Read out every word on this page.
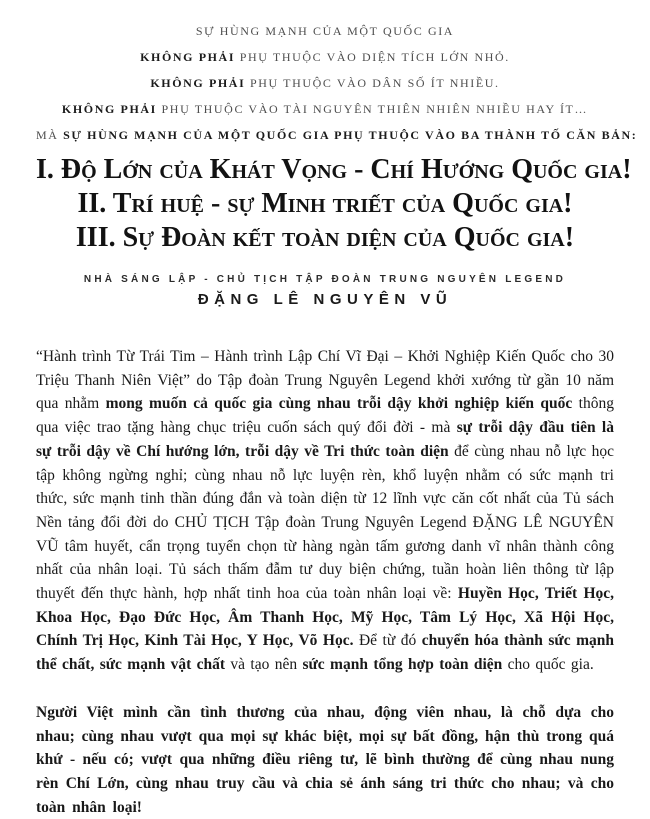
SỰ HÙNG MẠNH CỦA MỘT QUỐC GIA
KHÔNG PHẢI PHỤ THUỘC VÀO DIỆN TÍCH LỚN NHỎ.
KHÔNG PHẢI PHỤ THUỘC VÀO DÂN SỐ ÍT NHIỀU.
KHÔNG PHẢI PHỤ THUỘC VÀO TÀI NGUYÊN THIÊN NHIÊN NHIỀU HAY ÍT…
MÀ SỰ HÙNG MẠNH CỦA MỘT QUỐC GIA PHỤ THUỘC VÀO BA THÀNH TỐ CĂN BẢN:
I. Độ Lớn của Khát Vọng - Chí Hướng Quốc gia!
II. Trí huệ - sự Minh triết của Quốc gia!
III. Sự Đoàn kết toàn diện của Quốc gia!
NHÀ SÁNG LẬP - CHỦ TỊCH TẬP ĐOÀN TRUNG NGUYÊN LEGEND
ĐẶNG LÊ NGUYÊN VŨ

“Hành trình Từ Trái Tim – Hành trình Lập Chí Vĩ Đại – Khởi Nghiệp Kiến Quốc cho 30 Triệu Thanh Niên Việt” do Tập đoàn Trung Nguyên Legend khởi xướng từ gần 10 năm qua nhằm mong muốn cả quốc gia cùng nhau trỗi dậy khởi nghiệp kiến quốc thông qua việc trao tặng hàng chục triệu cuốn sách quý đổi đời - mà sự trỗi dậy đầu tiên là sự trỗi dậy về Chí hướng lớn, trỗi dậy về Tri thức toàn diện để cùng nhau nỗ lực học tập không ngừng nghỉ; cùng nhau nỗ lực luyện rèn, khổ luyện nhằm có sức mạnh tri thức, sức mạnh tinh thần đúng đắn và toàn diện từ 12 lĩnh vực căn cốt nhất của Tủ sách Nền tảng đổi đời do CHỦ TỊCH Tập đoàn Trung Nguyên Legend ĐẶNG LÊ NGUYÊN VŨ tâm huyết, cẩn trọng tuyển chọn từ hàng ngàn tấm gương danh vĩ nhân thành công nhất của nhân loại. Tủ sách thấm đẫm tư duy biện chứng, tuần hoàn liên thông từ lập thuyết đến thực hành, hợp nhất tinh hoa của toàn nhân loại về: Huyền Học, Triết Học, Khoa Học, Đạo Đức Học, Âm Thanh Học, Mỹ Học, Tâm Lý Học, Xã Hội Học, Chính Trị Học, Kinh Tài Học, Y Học, Võ Học. Để từ đó chuyển hóa thành sức mạnh thể chất, sức mạnh vật chất và tạo nên sức mạnh tổng hợp toàn diện cho quốc gia.

Người Việt mình cần tình thương của nhau, động viên nhau, là chỗ dựa cho nhau; cùng nhau vượt qua mọi sự khác biệt, mọi sự bất đồng, hận thù trong quá khứ - nếu có; vượt qua những điều riêng tư, lẽ bình thường để cùng nhau nung rèn Chí Lớn, cùng nhau truy cầu và chia sẻ ánh sáng tri thức cho nhau; và cho toàn nhân loại!
